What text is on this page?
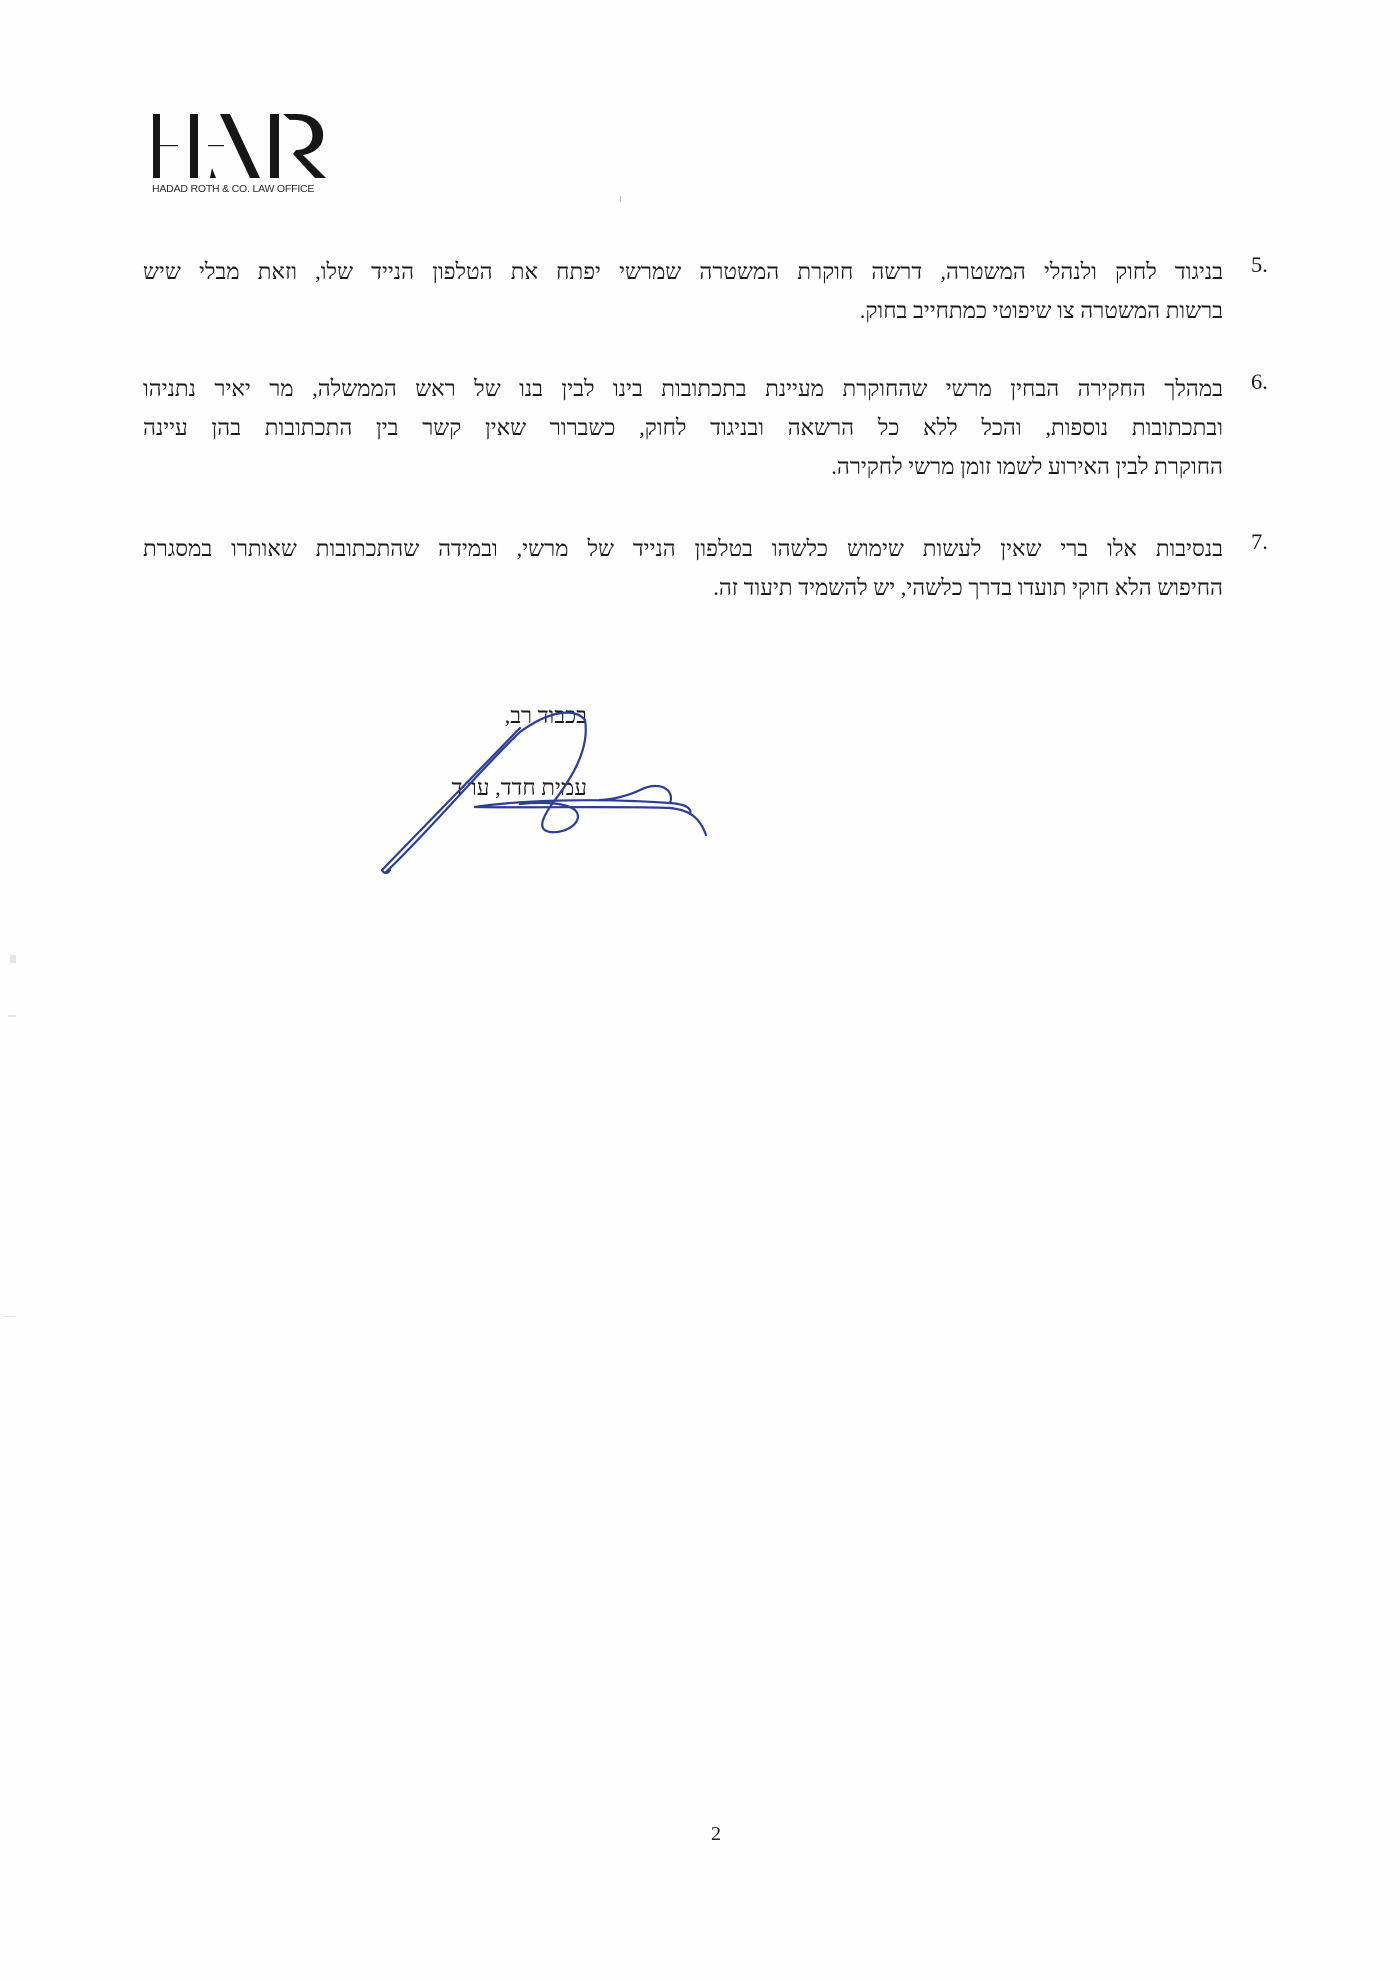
HADAD ROTH & CO. LAW OFFICE
5.
בניגוד לחוק ולנהלי המשטרה, דרשה חוקרת המשטרה שמרשי יפתח את הטלפון הנייד שלו, וזאת מבלי שיש
ברשות המשטרה צו שיפוטי כמתחייב בחוק.
6.
במהלך החקירה הבחין מרשי שהחוקרת מעיינת בתכתובות בינו לבין בנו של ראש הממשלה, מר יאיר נתניהו
ובתכתובות נוספות, והכל ללא כל הרשאה ובניגוד לחוק, כשברור שאין קשר בין התכתובות בהן עיינה
החוקרת לבין האירוע לשמו זומן מרשי לחקירה.
7.
בנסיבות אלו ברי שאין לעשות שימוש כלשהו בטלפון הנייד של מרשי, ובמידה שהתכתובות שאותרו במסגרת
החיפוש הלא חוקי תועדו בדרך כלשהי, יש להשמיד תיעוד זה.
בכבוד רב,
עמית חדד, עו״ד
2
